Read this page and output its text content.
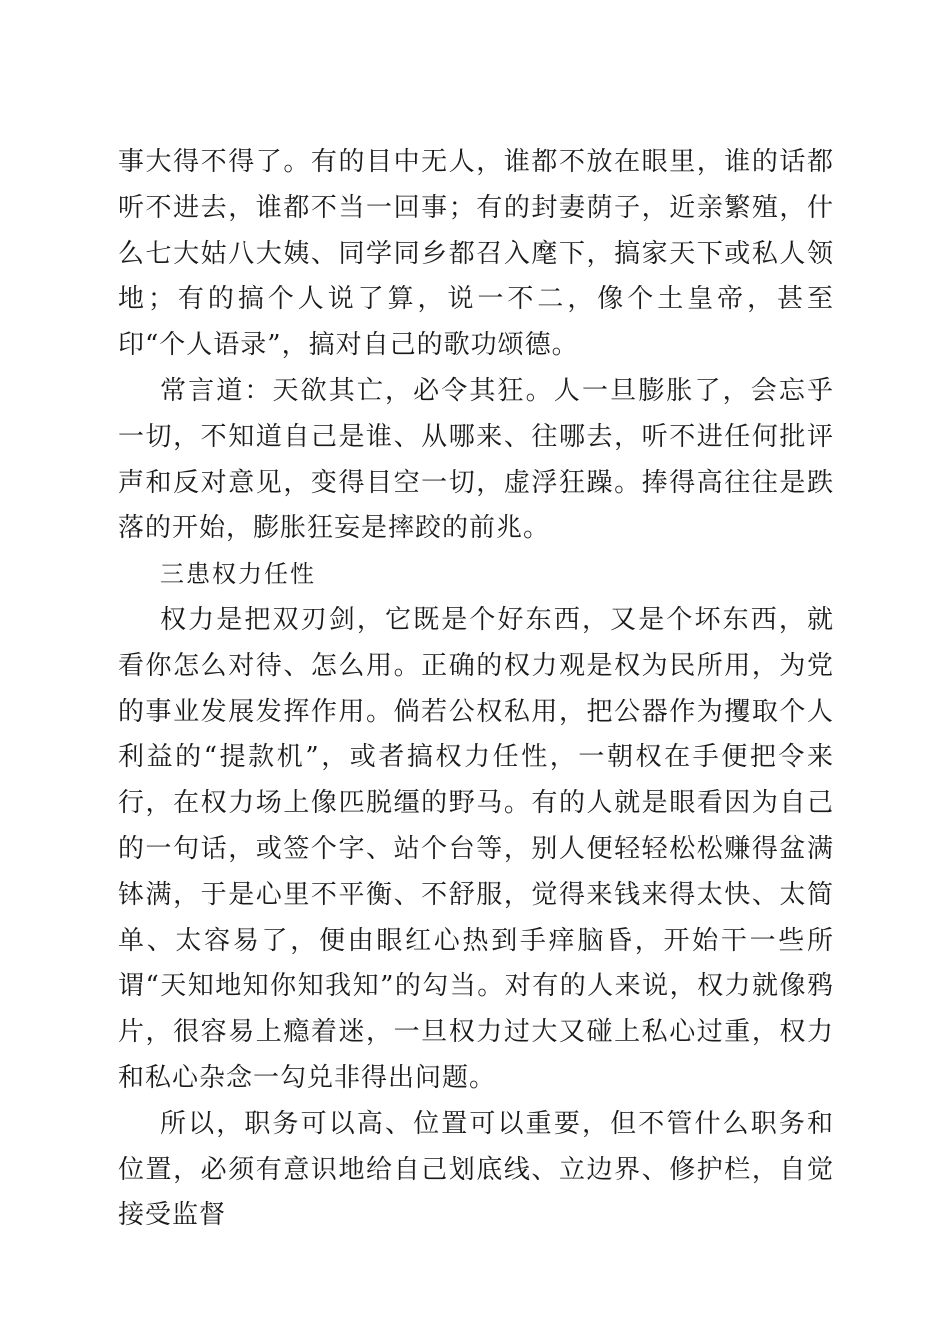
事大得不得了。有的目中无人，谁都不放在眼里，谁的话都听不进去，谁都不当一回事；有的封妻荫子，近亲繁殖，什么七大姑八大姨、同学同乡都召入麾下，搞家天下或私人领地；有的搞个人说了算，说一不二，像个土皇帝，甚至印“个人语录”，搞对自己的歌功颂德。

常言道：天欲其亡，必令其狂。人一旦膨胀了，会忘乎一切，不知道自己是谁、从哪来、往哪去，听不进任何批评声和反对意见，变得目空一切，虚浮狂躁。捧得高往往是跌落的开始，膨胀狂妄是摔跤的前兆。

三患权力任性

权力是把双刃剑，它既是个好东西，又是个坏东西，就看你怎么对待、怎么用。正确的权力观是权为民所用，为党的事业发展发挥作用。倘若公权私用，把公器作为攫取个人利益的“提款机”，或者搞权力任性，一朝权在手便把令来行，在权力场上像匹脱缰的野马。有的人就是眼看因为自己的一句话，或签个字、站个台等，别人便轻轻松松赚得盆满钵满，于是心里不平衡、不舒服，觉得来钱来得太快、太简单、太容易了，便由眼红心热到手痒脑昏，开始干一些所谓“天知地知你知我知”的勾当。对有的人来说，权力就像鸦片，很容易上瘾着迷，一旦权力过大又碰上私心过重，权力和私心杂念一勾兑非得出问题。

所以，职务可以高、位置可以重要，但不管什么职务和位置，必须有意识地给自己划底线、立边界、修护栏，自觉接受监督
